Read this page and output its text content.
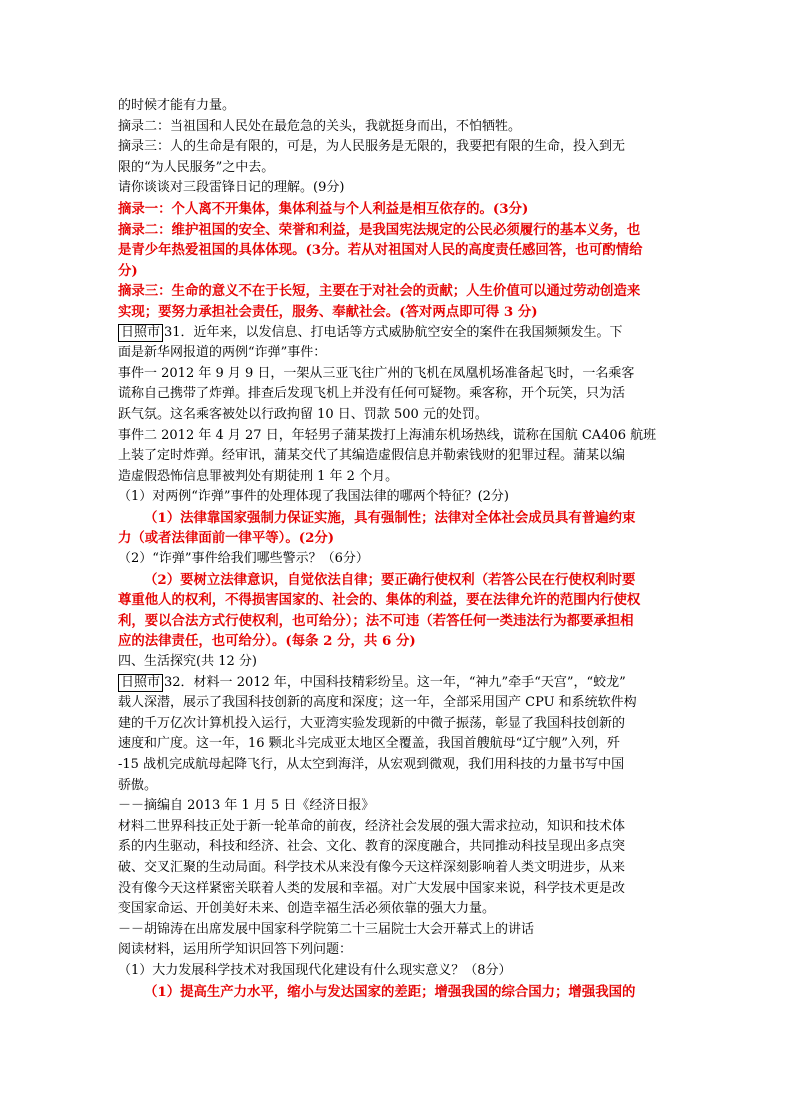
的时候才能有力量。
摘录二：当祖国和人民处在最危急的关头，我就挺身而出，不怕牺牲。
摘录三：人的生命是有限的，可是，为人民服务是无限的，我要把有限的生命，投入到无
限的“为人民服务”之中去。
请你谈谈对三段雷锋日记的理解。(9分)
摘录一：个人离不开集体，集体利益与个人利益是相互依存的。(3分)
摘录二：维护祖国的安全、荣誉和利益，是我国宪法规定的公民必须履行的基本义务，也
是青少年热爱祖国的具体体现。(3分。若从对祖国对人民的高度责任感回答，也可酌情给
分)
摘录三：生命的意义不在于长短，主要在于对社会的贡献；人生价值可以通过劳动创造来
实现；要努力承担社会责任，服务、奉献社会。(答对两点即可得 3 分)
日照市 31．近年来，以发信息、打电话等方式威胁航空安全的案件在我国频频发生。下
面是新华网报道的两例“诈弹”事件：
事件一 2012 年 9 月 9 日，一架从三亚飞往广州的飞机在凤凰机场准备起飞时，一名乘客
谎称自己携带了炸弹。排查后发现飞机上并没有任何可疑物。乘客称，开个玩笑，只为活
跃气氛。这名乘客被处以行政拘留 10 日、罚款 500 元的处罚。
事件二 2012 年 4 月 27 日，年轻男子蒲某拨打上海浦东机场热线，谎称在国航 CA406 航班
上装了定时炸弹。经审讯，蒲某交代了其编造虚假信息并勒索钱财的犯罪过程。蒲某以编
造虚假恐怖信息罪被判处有期徒刑 1 年 2 个月。
（1）对两例“诈弹”事件的处理体现了我国法律的哪两个特征？(2分)
（1）法律靠国家强制力保证实施，具有强制性；法律对全体社会成员具有普遍约束
力（或者法律面前一律平等）。(2分)
（2）“诈弹”事件给我们哪些警示？（6分）
（2）要树立法律意识，自觉依法自律；要正确行使权利（若答公民在行使权利时要
尊重他人的权利，不得损害国家的、社会的、集体的利益，要在法律允许的范围内行使权
利，要以合法方式行使权利，也可给分）；法不可违（若答任何一类违法行为都要承担相
应的法律责任，也可给分）。(每条 2 分，共 6 分)
四、生活探究(共 12 分)
日照市 32．材料一 2012 年，中国科技精彩纷呈。这一年，“神九”牵手“天宫”，“蛟龙”
载人深潜，展示了我国科技创新的高度和深度；这一年，全部采用国产 CPU 和系统软件构
建的千万亿次计算机投入运行，大亚湾实验发现新的中微子振荡，彰显了我国科技创新的
速度和广度。这一年，16 颗北斗完成亚太地区全覆盖，我国首艘航母“辽宁舰”入列，歼
-15 战机完成航母起降飞行，从太空到海洋，从宏观到微观，我们用科技的力量书写中国
骄傲。
－－摘编自 2013 年 1 月 5 日《经济日报》
材料二世界科技正处于新一轮革命的前夜，经济社会发展的强大需求拉动，知识和技术体
系的内生驱动，科技和经济、社会、文化、教育的深度融合，共同推动科技呈现出多点突
破、交叉汇聚的生动局面。科学技术从来没有像今天这样深刻影响着人类文明进步，从来
没有像今天这样紧密关联着人类的发展和幸福。对广大发展中国家来说，科学技术更是改
变国家命运、开创美好未来、创造幸福生活必须依靠的强大力量。
－－胡锦涛在出席发展中国家科学院第二十三届院士大会开幕式上的讲话
阅读材料，运用所学知识回答下列问题：
（1）大力发展科学技术对我国现代化建设有什么现实意义？（8分）
（1）提高生产力水平，缩小与发达国家的差距；增强我国的综合国力；增强我国的
